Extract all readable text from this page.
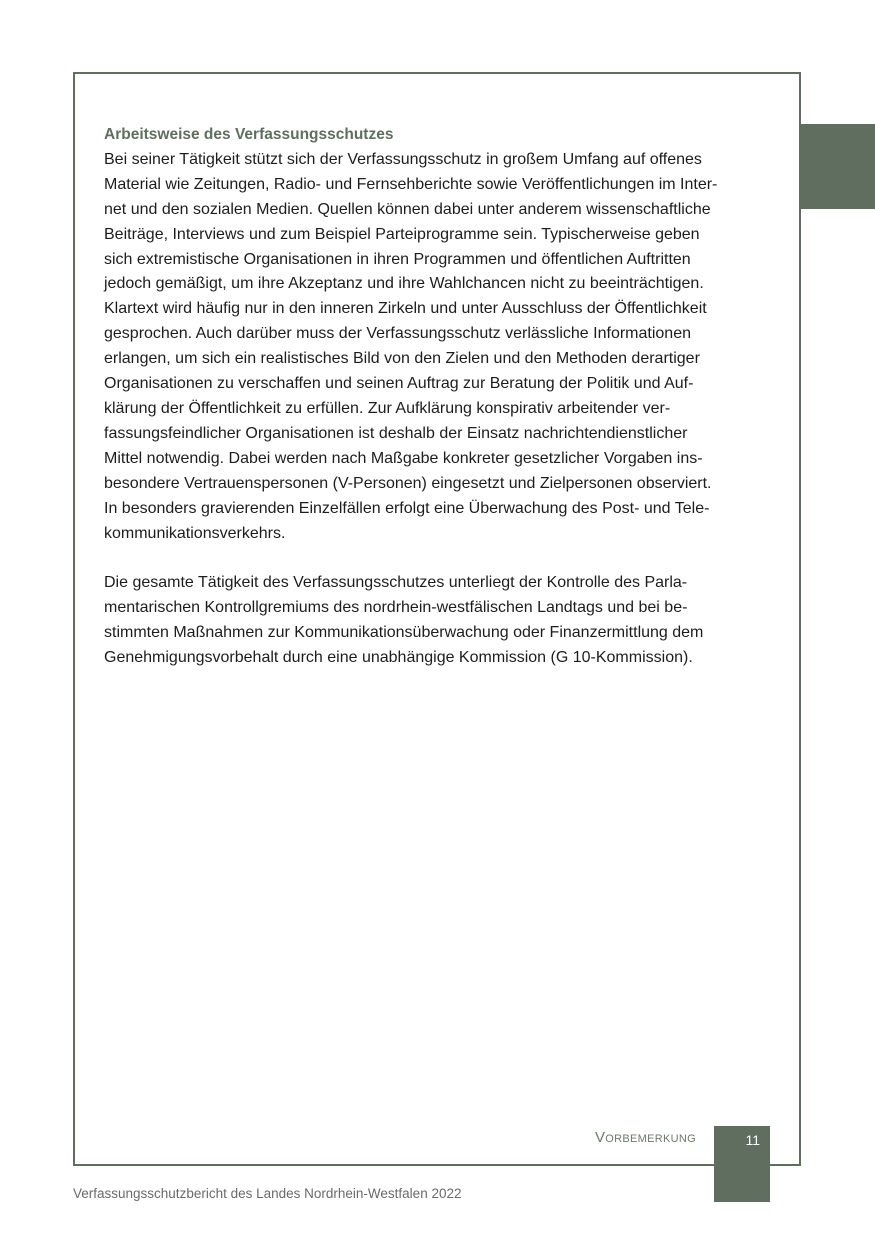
Arbeitsweise des Verfassungsschutzes

Bei seiner Tätigkeit stützt sich der Verfassungsschutz in großem Umfang auf offenes
Material wie Zeitungen, Radio- und Fernsehberichte sowie Veröffentlichungen im Inter-
net und den sozialen Medien. Quellen können dabei unter anderem wissenschaftliche
Beiträge, Interviews und zum Beispiel Parteiprogramme sein. Typischerweise geben
sich extremistische Organisationen in ihren Programmen und öffentlichen Auftritten
jedoch gemäßigt, um ihre Akzeptanz und ihre Wahlchancen nicht zu beeinträchtigen.
Klartext wird häufig nur in den inneren Zirkeln und unter Ausschluss der Öffentlichkeit
gesprochen. Auch darüber muss der Verfassungsschutz verlässliche Informationen
erlangen, um sich ein realistisches Bild von den Zielen und den Methoden derartiger
Organisationen zu verschaffen und seinen Auftrag zur Beratung der Politik und Auf-
klärung der Öffentlichkeit zu erfüllen. Zur Aufklärung konspirativ arbeitender ver-
fassungsfeindlicher Organisationen ist deshalb der Einsatz nachrichtendienstlicher
Mittel notwendig. Dabei werden nach Maßgabe konkreter gesetzlicher Vorgaben ins-
besondere Vertrauenspersonen (V-Personen) eingesetzt und Zielpersonen observiert.
In besonders gravierenden Einzelfällen erfolgt eine Überwachung des Post- und Tele-
kommunikationsverkehrs.

Die gesamte Tätigkeit des Verfassungsschutzes unterliegt der Kontrolle des Parla-
mentarischen Kontrollgremiums des nordrhein-westfälischen Landtags und bei be-
stimmten Maßnahmen zur Kommunikationsüberwachung oder Finanzermittlung dem
Genehmigungsvorbehalt durch eine unabhängige Kommission (G 10-Kommission).

Vorbemerkung	11
Verfassungsschutzbericht des Landes Nordrhein-Westfalen 2022
